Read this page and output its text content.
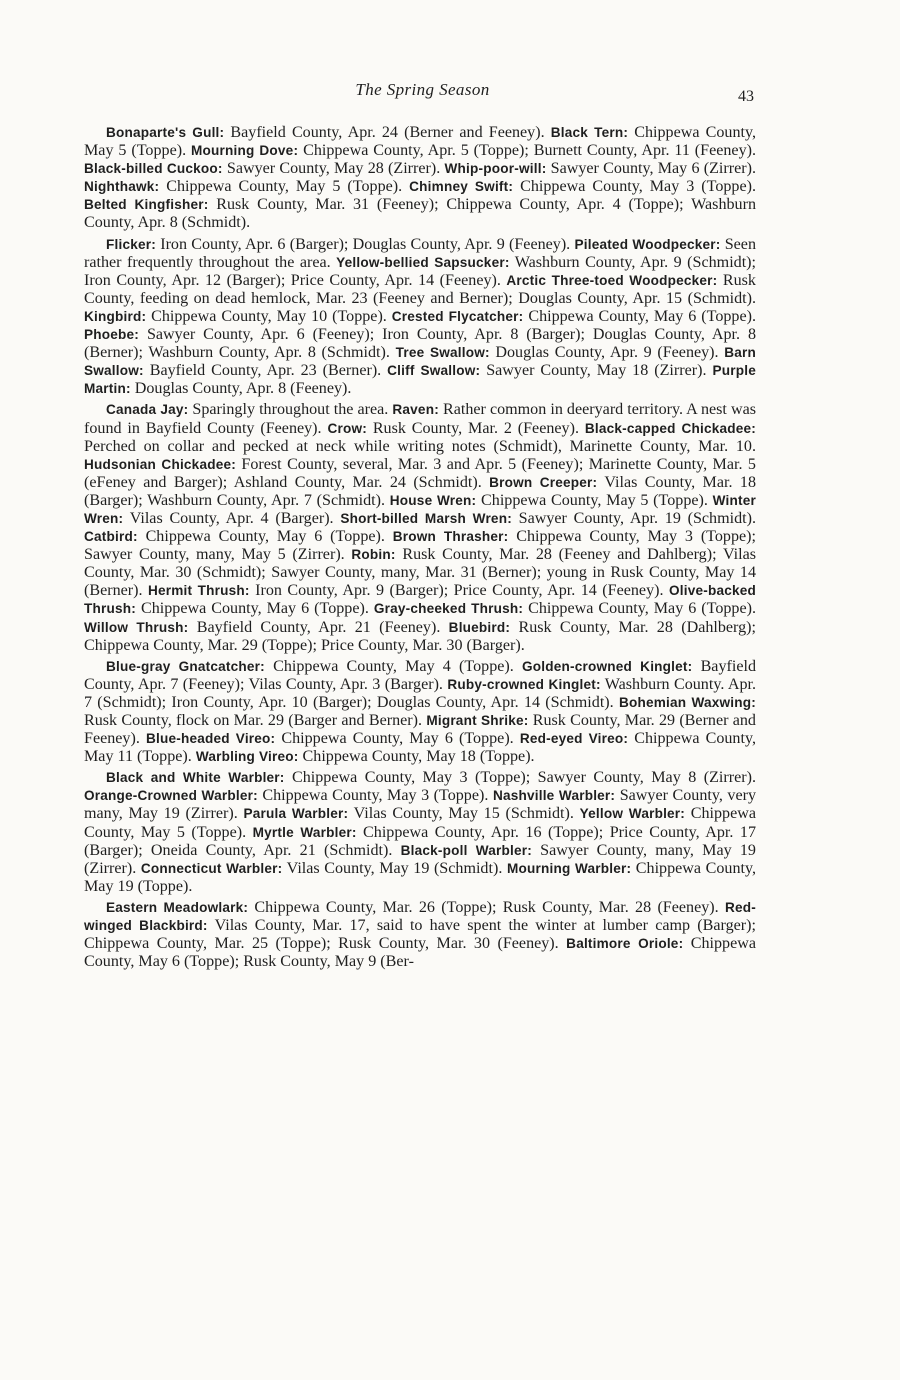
The Spring Season	43

Bonaparte's Gull: Bayfield County, Apr. 24 (Berner and Feeney). Black Tern: Chippewa County, May 5 (Toppe). Mourning Dove: Chippewa County, Apr. 5 (Toppe); Burnett County, Apr. 11 (Feeney). Black-billed Cuckoo: Sawyer County, May 28 (Zirrer). Whip-poor-will: Sawyer County, May 6 (Zirrer). Nighthawk: Chippewa County, May 5 (Toppe). Chimney Swift: Chippewa County, May 3 (Toppe). Belted Kingfisher: Rusk County, Mar. 31 (Feeney); Chippewa County, Apr. 4 (Toppe); Washburn County, Apr. 8 (Schmidt).

Flicker: Iron County, Apr. 6 (Barger); Douglas County, Apr. 9 (Feeney). Pileated Woodpecker: Seen rather frequently throughout the area. Yellow-bellied Sapsucker: Washburn County, Apr. 9 (Schmidt); Iron County, Apr. 12 (Barger); Price County, Apr. 14 (Feeney). Arctic Three-toed Woodpecker: Rusk County, feeding on dead hemlock, Mar. 23 (Feeney and Berner); Douglas County, Apr. 15 (Schmidt). Kingbird: Chippewa County, May 10 (Toppe). Crested Flycatcher: Chippewa County, May 6 (Toppe). Phoebe: Sawyer County, Apr. 6 (Feeney); Iron County, Apr. 8 (Barger); Douglas County, Apr. 8 (Berner); Washburn County, Apr. 8 (Schmidt). Tree Swallow: Douglas County, Apr. 9 (Feeney). Barn Swallow: Bayfield County, Apr. 23 (Berner). Cliff Swallow: Sawyer County, May 18 (Zirrer). Purple Martin: Douglas County, Apr. 8 (Feeney).

Canada Jay: Sparingly throughout the area. Raven: Rather common in deeryard territory. A nest was found in Bayfield County (Feeney). Crow: Rusk County, Mar. 2 (Feeney). Black-capped Chickadee: Perched on collar and pecked at neck while writing notes (Schmidt), Marinette County, Mar. 10. Hudsonian Chickadee: Forest County, several, Mar. 3 and Apr. 5 (Feeney); Marinette County, Mar. 5 (eFeney and Barger); Ashland County, Mar. 24 (Schmidt). Brown Creeper: Vilas County, Mar. 18 (Barger); Washburn County, Apr. 7 (Schmidt). House Wren: Chippewa County, May 5 (Toppe). Winter Wren: Vilas County, Apr. 4 (Barger). Short-billed Marsh Wren: Sawyer County, Apr. 19 (Schmidt). Catbird: Chippewa County, May 6 (Toppe). Brown Thrasher: Chippewa County, May 3 (Toppe); Sawyer County, many, May 5 (Zirrer). Robin: Rusk County, Mar. 28 (Feeney and Dahlberg); Vilas County, Mar. 30 (Schmidt); Sawyer County, many, Mar. 31 (Berner); young in Rusk County, May 14 (Berner). Hermit Thrush: Iron County, Apr. 9 (Barger); Price County, Apr. 14 (Feeney). Olive-backed Thrush: Chippewa County, May 6 (Toppe). Gray-cheeked Thrush: Chippewa County, May 6 (Toppe). Willow Thrush: Bayfield County, Apr. 21 (Feeney). Bluebird: Rusk County, Mar. 28 (Dahlberg); Chippewa County, Mar. 29 (Toppe); Price County, Mar. 30 (Barger).

Blue-gray Gnatcatcher: Chippewa County, May 4 (Toppe). Golden-crowned Kinglet: Bayfield County, Apr. 7 (Feeney); Vilas County, Apr. 3 (Barger). Ruby-crowned Kinglet: Washburn County. Apr. 7 (Schmidt); Iron County, Apr. 10 (Barger); Douglas County, Apr. 14 (Schmidt). Bohemian Waxwing: Rusk County, flock on Mar. 29 (Barger and Berner). Migrant Shrike: Rusk County, Mar. 29 (Berner and Feeney). Blue-headed Vireo: Chippewa County, May 6 (Toppe). Red-eyed Vireo: Chippewa County, May 11 (Toppe). Warbling Vireo: Chippewa County, May 18 (Toppe).

Black and White Warbler: Chippewa County, May 3 (Toppe); Sawyer County, May 8 (Zirrer). Orange-Crowned Warbler: Chippewa County, May 3 (Toppe). Nashville Warbler: Sawyer County, very many, May 19 (Zirrer). Parula Warbler: Vilas County, May 15 (Schmidt). Yellow Warbler: Chippewa County, May 5 (Toppe). Myrtle Warbler: Chippewa County, Apr. 16 (Toppe); Price County, Apr. 17 (Barger); Oneida County, Apr. 21 (Schmidt). Black-poll Warbler: Sawyer County, many, May 19 (Zirrer). Connecticut Warbler: Vilas County, May 19 (Schmidt). Mourning Warbler: Chippewa County, May 19 (Toppe).

Eastern Meadowlark: Chippewa County, Mar. 26 (Toppe); Rusk County, Mar. 28 (Feeney). Red-winged Blackbird: Vilas County, Mar. 17, said to have spent the winter at lumber camp (Barger); Chippewa County, Mar. 25 (Toppe); Rusk County, Mar. 30 (Feeney). Baltimore Oriole: Chippewa County, May 6 (Toppe); Rusk County, May 9 (Ber-
